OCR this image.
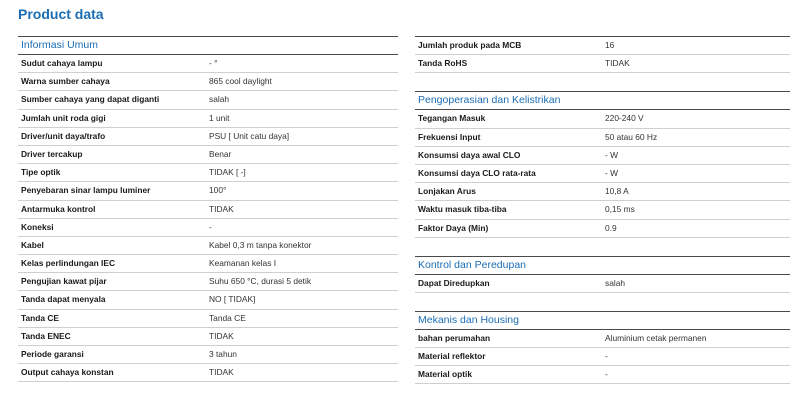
Product data
Informasi Umum
Sudut cahaya lampu	- °
Warna sumber cahaya	865 cool daylight
Sumber cahaya yang dapat diganti	salah
Jumlah unit roda gigi	1 unit
Driver/unit daya/trafo	PSU [ Unit catu daya]
Driver tercakup	Benar
Tipe optik	TIDAK [ -]
Penyebaran sinar lampu luminer	100°
Antarmuka kontrol	TIDAK
Koneksi	-
Kabel	Kabel 0,3 m tanpa konektor
Kelas perlindungan IEC	Keamanan kelas I
Pengujian kawat pijar	Suhu 650 °C, durasi 5 detik
Tanda dapat menyala	NO [ TIDAK]
Tanda CE	Tanda CE
Tanda ENEC	TIDAK
Periode garansi	3 tahun
Output cahaya konstan	TIDAK
Jumlah produk pada MCB	16
Tanda RoHS	TIDAK
Pengoperasian dan Kelistrikan
Tegangan Masuk	220-240 V
Frekuensi Input	50 atau 60 Hz
Konsumsi daya awal CLO	- W
Konsumsi daya CLO rata-rata	- W
Lonjakan Arus	10,8 A
Waktu masuk tiba-tiba	0,15 ms
Faktor Daya (Min)	0.9
Kontrol dan Peredupan
Dapat Diredupkan	salah
Mekanis dan Housing
bahan perumahan	Aluminium cetak permanen
Material reflektor	-
Material optik	-
